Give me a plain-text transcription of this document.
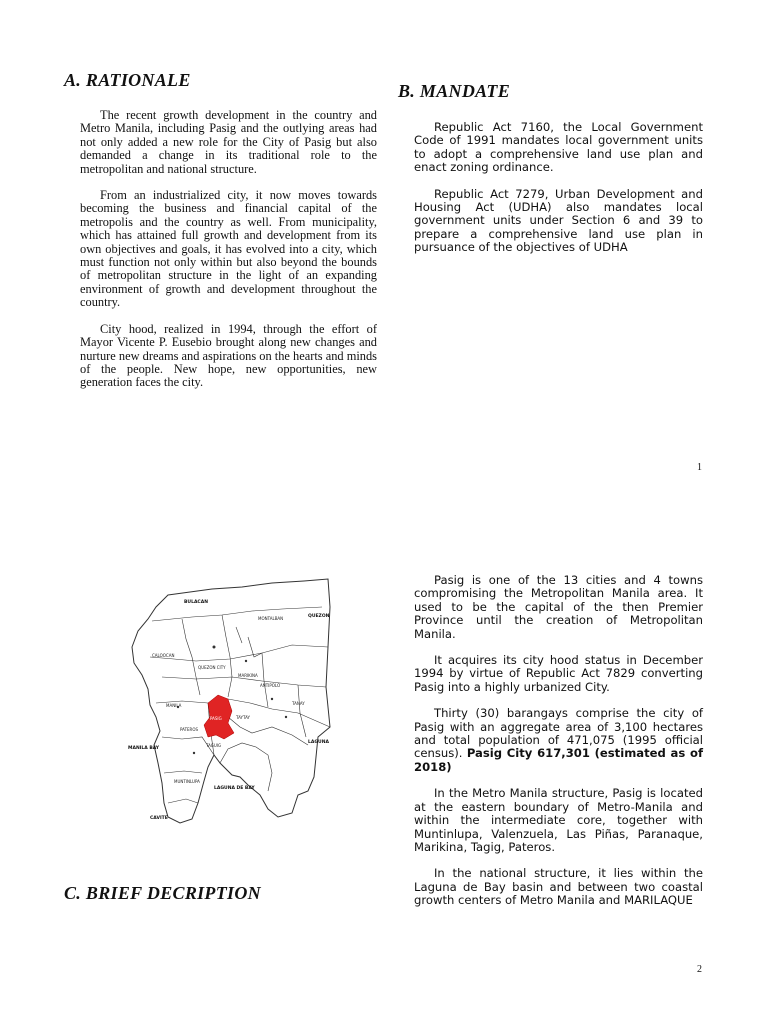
A. RATIONALE

The recent growth development in the country and Metro Manila, including Pasig and the outlying areas had not only added a new role for the City of Pasig but also demanded a change in its traditional role to the metropolitan and national structure.

From an industrialized city, it now moves towards becoming the business and financial capital of the metropolis and the country as well. From municipality, which has attained full growth and development from its own objectives and goals, it has evolved into a city, which must function not only within but also beyond the bounds of metropolitan structure in the light of an expanding environment of growth and development throughout the country.

City hood, realized in 1994, through the effort of Mayor Vicente P. Eusebio brought along new changes and nurture new dreams and aspirations on the hearts and minds of the people. New hope, new opportunities, new generation faces the city.

B. MANDATE

Republic Act 7160, the Local Government Code of 1991 mandates local government units to adopt a comprehensive land use plan and enact zoning ordinance.

Republic Act 7279, Urban Development and Housing Act (UDHA) also mandates local government units under Section 6 and 39 to prepare a comprehensive land use plan in pursuance of the objectives of UDHA

1

Pasig is one of the 13 cities and 4 towns compromising the Metropolitan Manila area. It used to be the capital of the then Premier Province until the creation of Metropolitan Manila.

It acquires its city hood status in December 1994 by virtue of Republic Act 7829 converting Pasig into a highly urbanized City.

Thirty (30) barangays comprise the city of Pasig with an aggregate area of 3,100 hectares and total population of 471,075 (1995 official census). Pasig City 617,301 (estimated as of 2018)

In the Metro Manila structure, Pasig is located at the eastern boundary of Metro-Manila and within the intermediate core, together with Muntinlupa, Valenzuela, Las Piñas, Paranaque, Marikina, Tagig, Pateros.

In the national structure, it lies within the Laguna de Bay basin and between two coastal growth centers of Metro Manila and MARILAQUE

C. BRIEF DECRIPTION
2
BULACAN
QUEZON
MONTALBAN
ANTIPOLO
MARIKINA
QUEZON CITY
CALOOCAN
MANILA
PASIG	TAYTAY
TANAY
TAGUIG
PATEROS
MUNTINLUPA
MANILA BAY
LAGUNA DE BAY
LAGUNA
CAVITE
